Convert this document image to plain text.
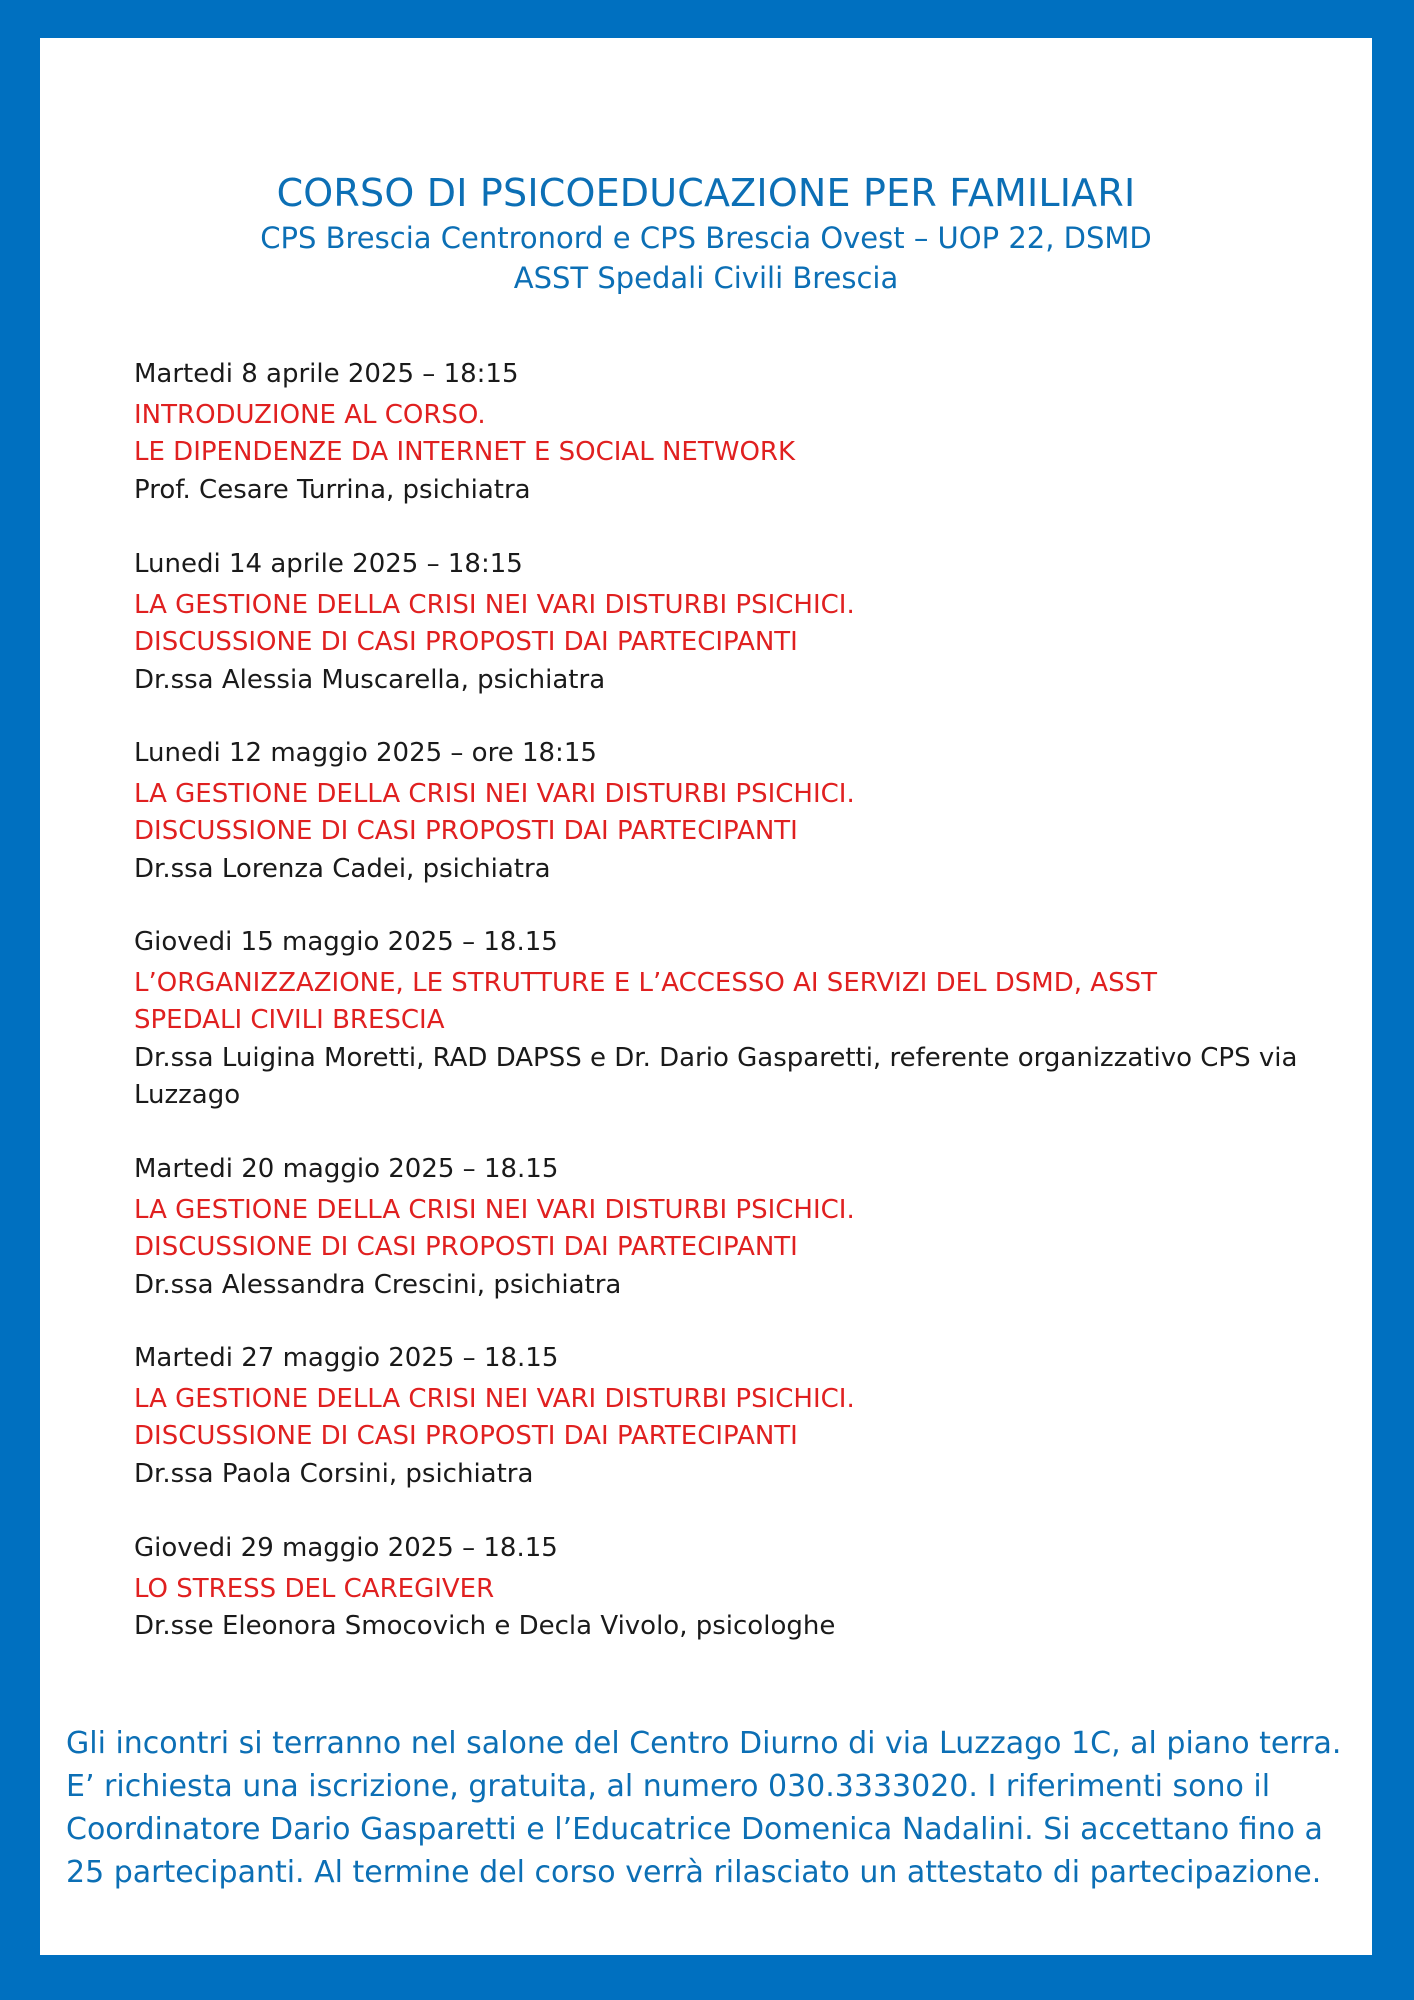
CORSO DI PSICOEDUCAZIONE PER FAMILIARI
CPS Brescia Centronord e CPS Brescia Ovest – UOP 22, DSMD
ASST Spedali Civili Brescia
Martedi 8 aprile 2025 – 18:15
INTRODUZIONE AL CORSO.
LE DIPENDENZE DA INTERNET E SOCIAL NETWORK
Prof. Cesare Turrina, psichiatra
Lunedi 14 aprile 2025 – 18:15
LA GESTIONE DELLA CRISI NEI VARI DISTURBI PSICHICI.
DISCUSSIONE DI CASI PROPOSTI DAI PARTECIPANTI
Dr.ssa Alessia Muscarella, psichiatra
Lunedi 12 maggio 2025 – ore 18:15
LA GESTIONE DELLA CRISI NEI VARI DISTURBI PSICHICI.
DISCUSSIONE DI CASI PROPOSTI DAI PARTECIPANTI
Dr.ssa Lorenza Cadei, psichiatra
Giovedi 15 maggio 2025 – 18.15
L’ORGANIZZAZIONE, LE STRUTTURE E L’ACCESSO AI SERVIZI DEL DSMD, ASST
SPEDALI CIVILI BRESCIA
Dr.ssa Luigina Moretti, RAD DAPSS e Dr. Dario Gasparetti, referente organizzativo CPS via Luzzago
Martedi 20 maggio 2025 – 18.15
LA GESTIONE DELLA CRISI NEI VARI DISTURBI PSICHICI.
DISCUSSIONE DI CASI PROPOSTI DAI PARTECIPANTI
Dr.ssa Alessandra Crescini, psichiatra
Martedi 27 maggio 2025 – 18.15
LA GESTIONE DELLA CRISI NEI VARI DISTURBI PSICHICI.
DISCUSSIONE DI CASI PROPOSTI DAI PARTECIPANTI
Dr.ssa Paola Corsini, psichiatra
Giovedi 29 maggio 2025 – 18.15
LO STRESS DEL CAREGIVER
Dr.sse Eleonora Smocovich e Decla Vivolo, psicologhe
Gli incontri si terranno nel salone del Centro Diurno di via Luzzago 1C, al piano terra.
E’ richiesta una iscrizione, gratuita, al numero 030.3333020. I riferimenti sono il
Coordinatore Dario Gasparetti e l’Educatrice Domenica Nadalini. Si accettano fino a
25 partecipanti. Al termine del corso verrà rilasciato un attestato di partecipazione.
